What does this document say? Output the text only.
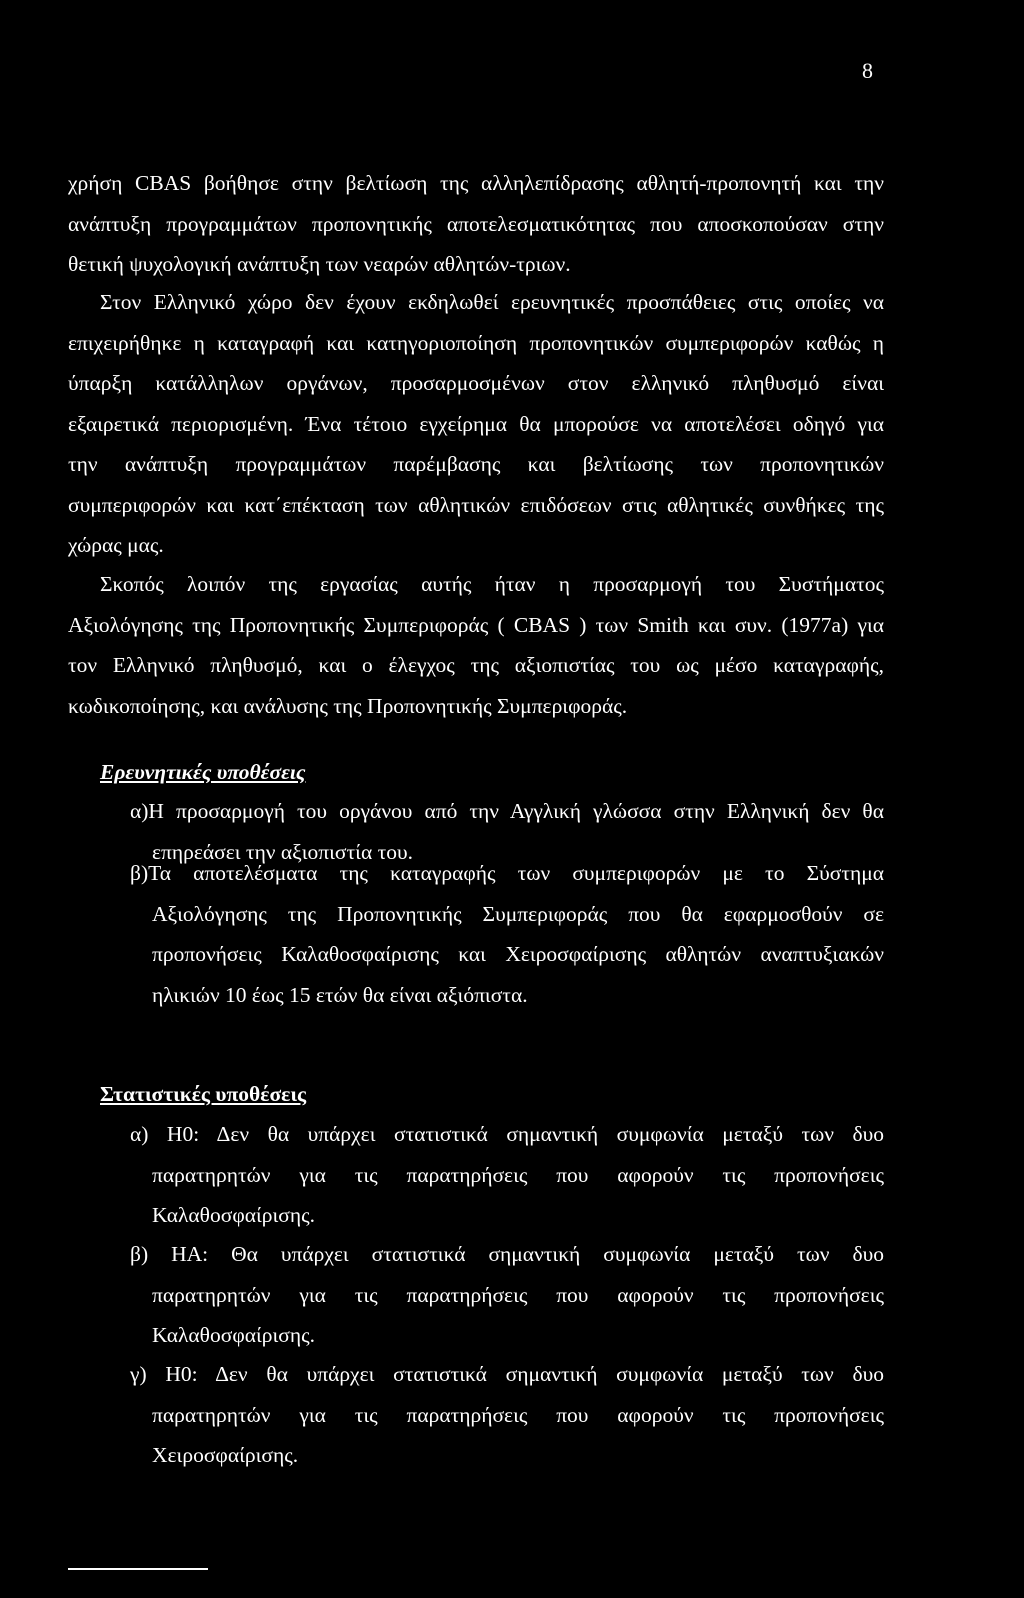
8
χρήση CBAS βοήθησε στην βελτίωση της αλληλεπίδρασης αθλητή-προπονητή και την
ανάπτυξη προγραμμάτων προπονητικής αποτελεσματικότητας που αποσκοπούσαν στην
θετική ψυχολογική ανάπτυξη των νεαρών αθλητών-τριων.
Στον Ελληνικό χώρο δεν έχουν εκδηλωθεί ερευνητικές προσπάθειες στις οποίες να
επιχειρήθηκε η καταγραφή και κατηγοριοποίηση προπονητικών συμπεριφορών καθώς η
ύπαρξη κατάλληλων οργάνων, προσαρμοσμένων στον ελληνικό πληθυσμό είναι
εξαιρετικά περιορισμένη. Ένα τέτοιο εγχείρημα θα μπορούσε να αποτελέσει οδηγό για
την ανάπτυξη προγραμμάτων παρέμβασης και βελτίωσης των προπονητικών
συμπεριφορών και κατ΄επέκταση των αθλητικών επιδόσεων στις αθλητικές συνθήκες της
χώρας μας.
Σκοπός λοιπόν της εργασίας αυτής ήταν η προσαρμογή του Συστήματος
Αξιολόγησης της Προπονητικής Συμπεριφοράς ( CBAS ) των Smith και συν. (1977a) για
τον Ελληνικό πληθυσμό, και ο έλεγχος της αξιοπιστίας του ως μέσο καταγραφής,
κωδικοποίησης, και ανάλυσης της Προπονητικής Συμπεριφοράς.
Ερευνητικές υποθέσεις
α)Η προσαρμογή του οργάνου από την Αγγλική γλώσσα στην Ελληνική δεν θα
επηρεάσει την αξιοπιστία του.
β)Τα αποτελέσματα της καταγραφής των συμπεριφορών με το Σύστημα
Αξιολόγησης της Προπονητικής Συμπεριφοράς που θα εφαρμοσθούν σε
προπονήσεις Καλαθοσφαίρισης και Χειροσφαίρισης αθλητών αναπτυξιακών
ηλικιών 10 έως 15 ετών θα είναι αξιόπιστα.
Στατιστικές υποθέσεις
α) Η0: Δεν θα υπάρχει στατιστικά σημαντική συμφωνία μεταξύ των δυο
παρατηρητών για τις παρατηρήσεις που αφορούν τις προπονήσεις
Καλαθοσφαίρισης.
β) ΗΑ: Θα υπάρχει στατιστικά σημαντική συμφωνία μεταξύ των δυο
παρατηρητών για τις παρατηρήσεις που αφορούν τις προπονήσεις
Καλαθοσφαίρισης.
γ) Η0: Δεν θα υπάρχει στατιστικά σημαντική συμφωνία μεταξύ των δυο
παρατηρητών για τις παρατηρήσεις που αφορούν τις προπονήσεις
Χειροσφαίρισης.
